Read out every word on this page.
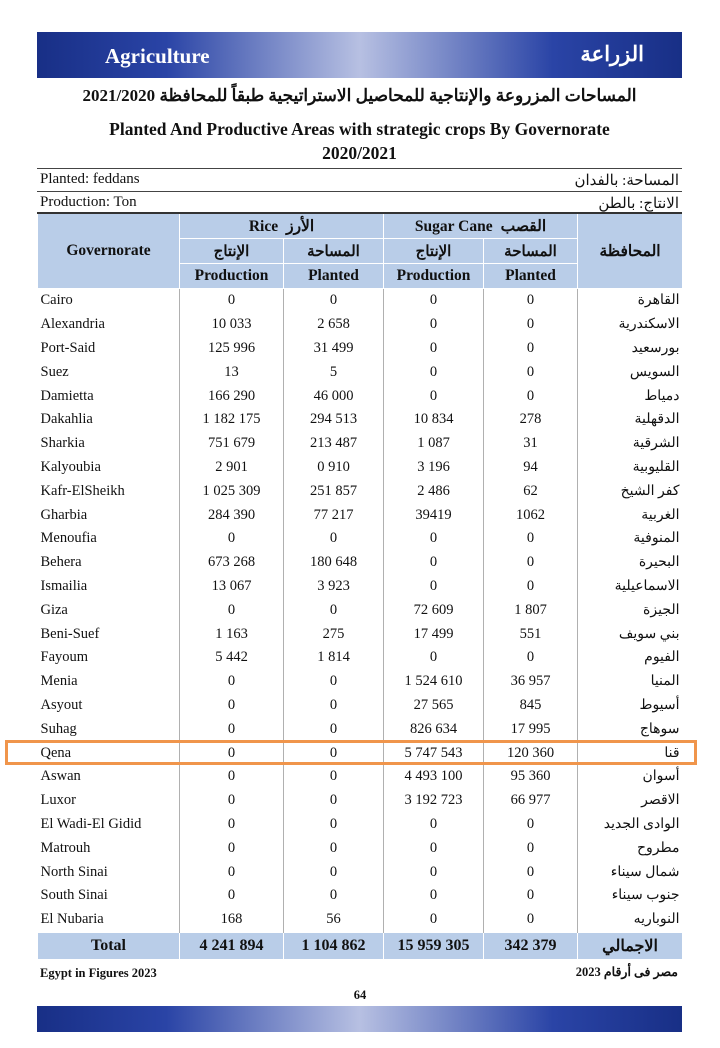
Agriculture	الزراعة
المساحات المزروعة والإنتاجية للمحاصيل الاستراتيجية طبقاً للمحافظة 2021/2020
Planted And Productive Areas with strategic crops By Governorate
2020/2021
Planted: feddans	المساحة: بالفدان
Production: Ton	الانتاج: بالطن
Governorate	Rice الأرز		Sugar Cane القصب		المحافظة
	الإنتاج	المساحة	الإنتاج	المساحة	
	Production	Planted	Production	Planted	
Cairo	0	0	0	0	القاهرة
Alexandria	10 033	2 658	0	0	الاسكندرية
Port-Said	125 996	31 499	0	0	بورسعيد
Suez	13	5	0	0	السويس
Damietta	166 290	46 000	0	0	دمياط
Dakahlia	1 182 175	294 513	10 834	278	الدقهلية
Sharkia	751 679	213 487	1 087	31	الشرقية
Kalyoubia	2 901	0 910	3 196	94	القليوبية
Kafr-ElSheikh	1 025 309	251 857	2 486	62	كفر الشيخ
Gharbia	284 390	77 217	39419	1062	الغربية
Menoufia	0	0	0	0	المنوفية
Behera	673 268	180 648	0	0	البحيرة
Ismailia	13 067	3 923	0	0	الاسماعيلية
Giza	0	0	72 609	1 807	الجيزة
Beni-Suef	1 163	275	17 499	551	بني سويف
Fayoum	5 442	1 814	0	0	الفيوم
Menia	0	0	1 524 610	36 957	المنيا
Asyout	0	0	27 565	845	أسيوط
Suhag	0	0	826 634	17 995	سوهاج
Qena	0	0	5 747 543	120 360	قنا
Aswan	0	0	4 493 100	95 360	أسوان
Luxor	0	0	3 192 723	66 977	الاقصر
El Wadi-El Gidid	0	0	0	0	الوادى الجديد
Matrouh	0	0	0	0	مطروح
North Sinai	0	0	0	0	شمال سيناء
South Sinai	0	0	0	0	جنوب سيناء
El Nubaria	168	56	0	0	النوباريه
Total	4 241 894	1 104 862	15 959 305	342 379	الاجمالي
Egypt in Figures 2023	مصر فى أرقام 2023
64
